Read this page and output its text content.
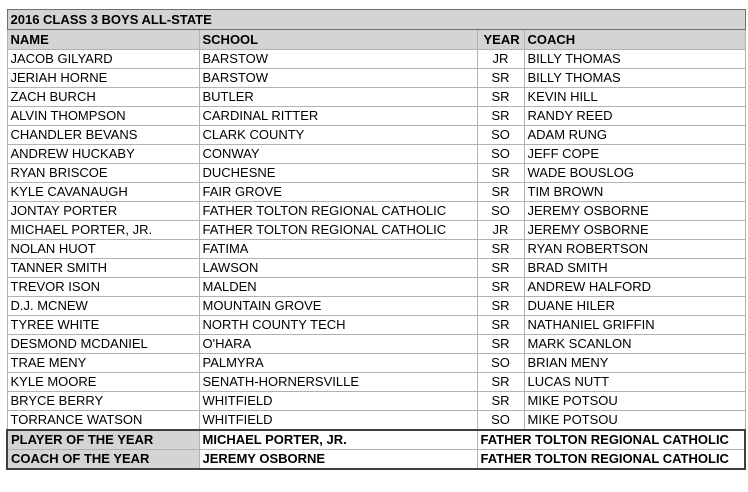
2016 CLASS 3 BOYS ALL-STATE			
NAME	SCHOOL	YEAR	COACH
JACOB GILYARD	BARSTOW	JR	BILLY THOMAS
JERIAH HORNE	BARSTOW	SR	BILLY THOMAS
ZACH BURCH	BUTLER	SR	KEVIN HILL
ALVIN THOMPSON	CARDINAL RITTER	SR	RANDY REED
CHANDLER BEVANS	CLARK COUNTY	SO	ADAM RUNG
ANDREW HUCKABY	CONWAY	SO	JEFF COPE
RYAN BRISCOE	DUCHESNE	SR	WADE BOUSLOG
KYLE CAVANAUGH	FAIR GROVE	SR	TIM BROWN
JONTAY PORTER	FATHER TOLTON REGIONAL CATHOLIC	SO	JEREMY OSBORNE
MICHAEL PORTER, JR.	FATHER TOLTON REGIONAL CATHOLIC	JR	JEREMY OSBORNE
NOLAN HUOT	FATIMA	SR	RYAN ROBERTSON
TANNER SMITH	LAWSON	SR	BRAD SMITH
TREVOR ISON	MALDEN	SR	ANDREW HALFORD
D.J. MCNEW	MOUNTAIN GROVE	SR	DUANE HILER
TYREE WHITE	NORTH COUNTY TECH	SR	NATHANIEL GRIFFIN
DESMOND MCDANIEL	O'HARA	SR	MARK SCANLON
TRAE MENY	PALMYRA	SO	BRIAN MENY
KYLE MOORE	SENATH-HORNERSVILLE	SR	LUCAS NUTT
BRYCE BERRY	WHITFIELD	SR	MIKE POTSOU
TORRANCE WATSON	WHITFIELD	SO	MIKE POTSOU
PLAYER OF THE YEAR	MICHAEL PORTER, JR.	FATHER TOLTON REGIONAL CATHOLIC	
COACH OF THE YEAR	JEREMY OSBORNE	FATHER TOLTON REGIONAL CATHOLIC	
